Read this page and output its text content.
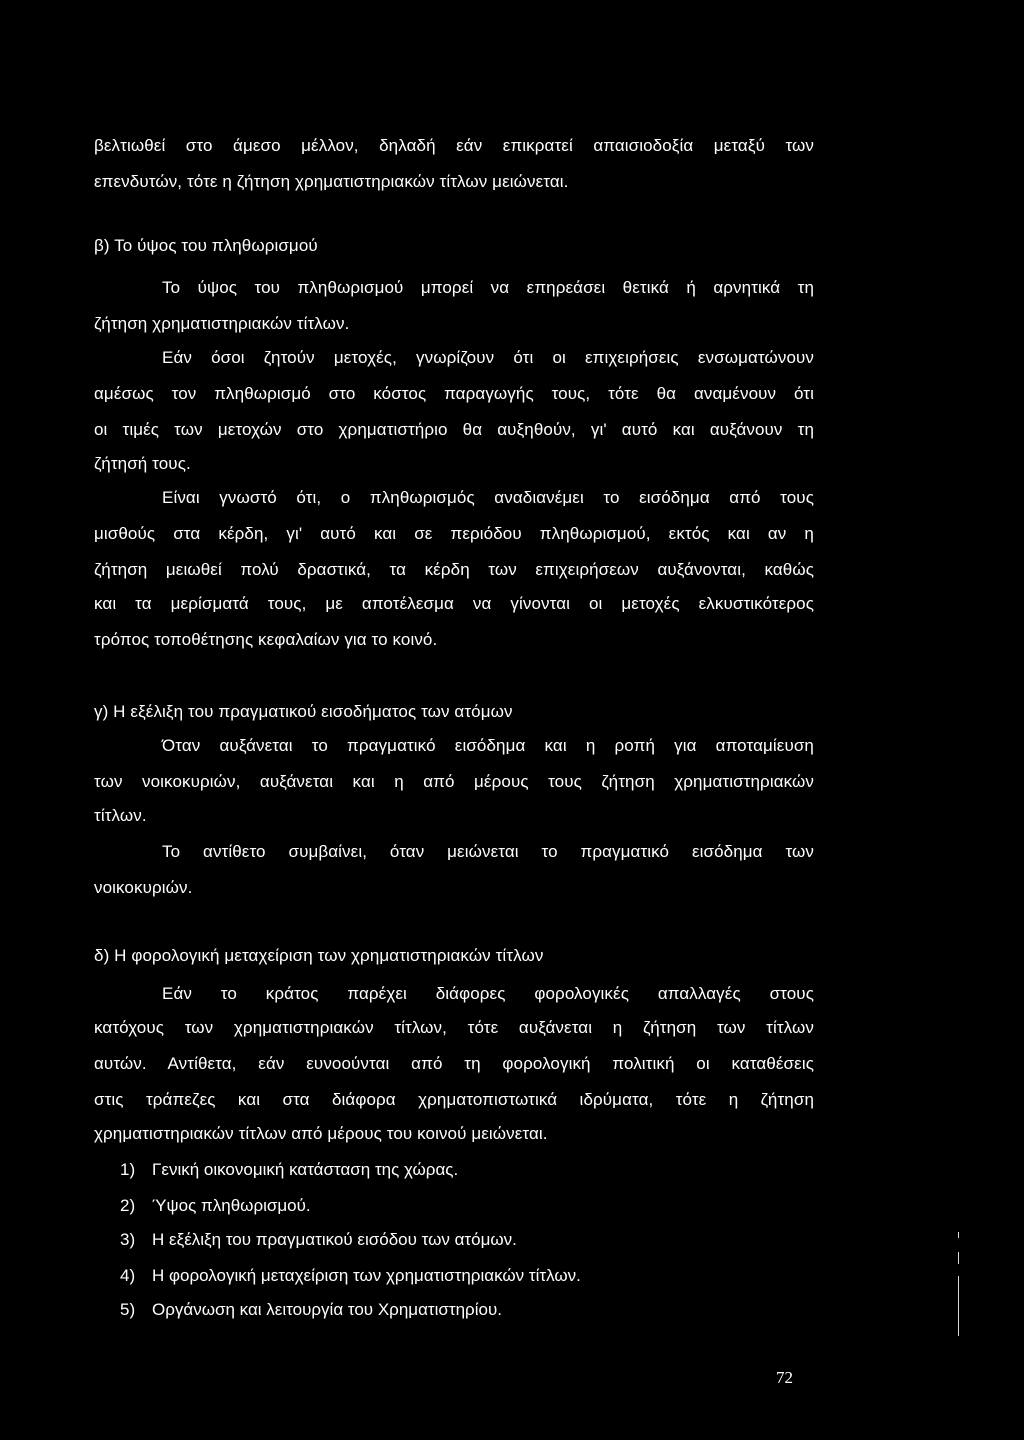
βελτιωθεί στο άμεσο μέλλον, δηλαδή εάν επικρατεί απαισιοδοξία μεταξύ των
επενδυτών, τότε η ζήτηση χρηματιστηριακών τίτλων μειώνεται.
β) Το ύψος του πληθωρισμού
Το ύψος του πληθωρισμού μπορεί να επηρεάσει θετικά ή αρνητικά τη
ζήτηση χρηματιστηριακών τίτλων.
Εάν όσοι ζητούν μετοχές, γνωρίζουν ότι οι επιχειρήσεις ενσωματώνουν
αμέσως τον πληθωρισμό στο κόστος παραγωγής τους, τότε θα αναμένουν ότι
οι τιμές των μετοχών στο χρηματιστήριο θα αυξηθούν, γι' αυτό και αυξάνουν τη
ζήτησή τους.
Είναι γνωστό ότι, ο πληθωρισμός αναδιανέμει το εισόδημα από τους
μισθούς στα κέρδη, γι' αυτό και σε περιόδου πληθωρισμού, εκτός και αν η
ζήτηση μειωθεί πολύ δραστικά, τα κέρδη των επιχειρήσεων αυξάνονται, καθώς
και τα μερίσματά τους, με αποτέλεσμα να γίνονται οι μετοχές ελκυστικότερος
τρόπος τοποθέτησης κεφαλαίων για το κοινό.
γ) Η εξέλιξη του πραγματικού εισοδήματος των ατόμων
Όταν αυξάνεται το πραγματικό εισόδημα και η ροπή για αποταμίευση
των νοικοκυριών, αυξάνεται και η από μέρους τους ζήτηση χρηματιστηριακών
τίτλων.
Το αντίθετο συμβαίνει, όταν μειώνεται το πραγματικό εισόδημα των
νοικοκυριών.
δ) Η φορολογική μεταχείριση των χρηματιστηριακών τίτλων
Εάν το κράτος παρέχει διάφορες φορολογικές απαλλαγές στους
κατόχους των χρηματιστηριακών τίτλων, τότε αυξάνεται η ζήτηση των τίτλων
αυτών. Αντίθετα, εάν ευνοούνται από τη φορολογική πολιτική οι καταθέσεις
στις τράπεζες και στα διάφορα χρηματοπιστωτικά ιδρύματα, τότε η ζήτηση
χρηματιστηριακών τίτλων από μέρους του κοινού μειώνεται.
1) Γενική οικονομική κατάσταση της χώρας.
2) Ύψος πληθωρισμού.
3) Η εξέλιξη του πραγματικού εισόδου των ατόμων.
4) Η φορολογική μεταχείριση των χρηματιστηριακών τίτλων.
5) Οργάνωση και λειτουργία του Χρηματιστηρίου.
72
